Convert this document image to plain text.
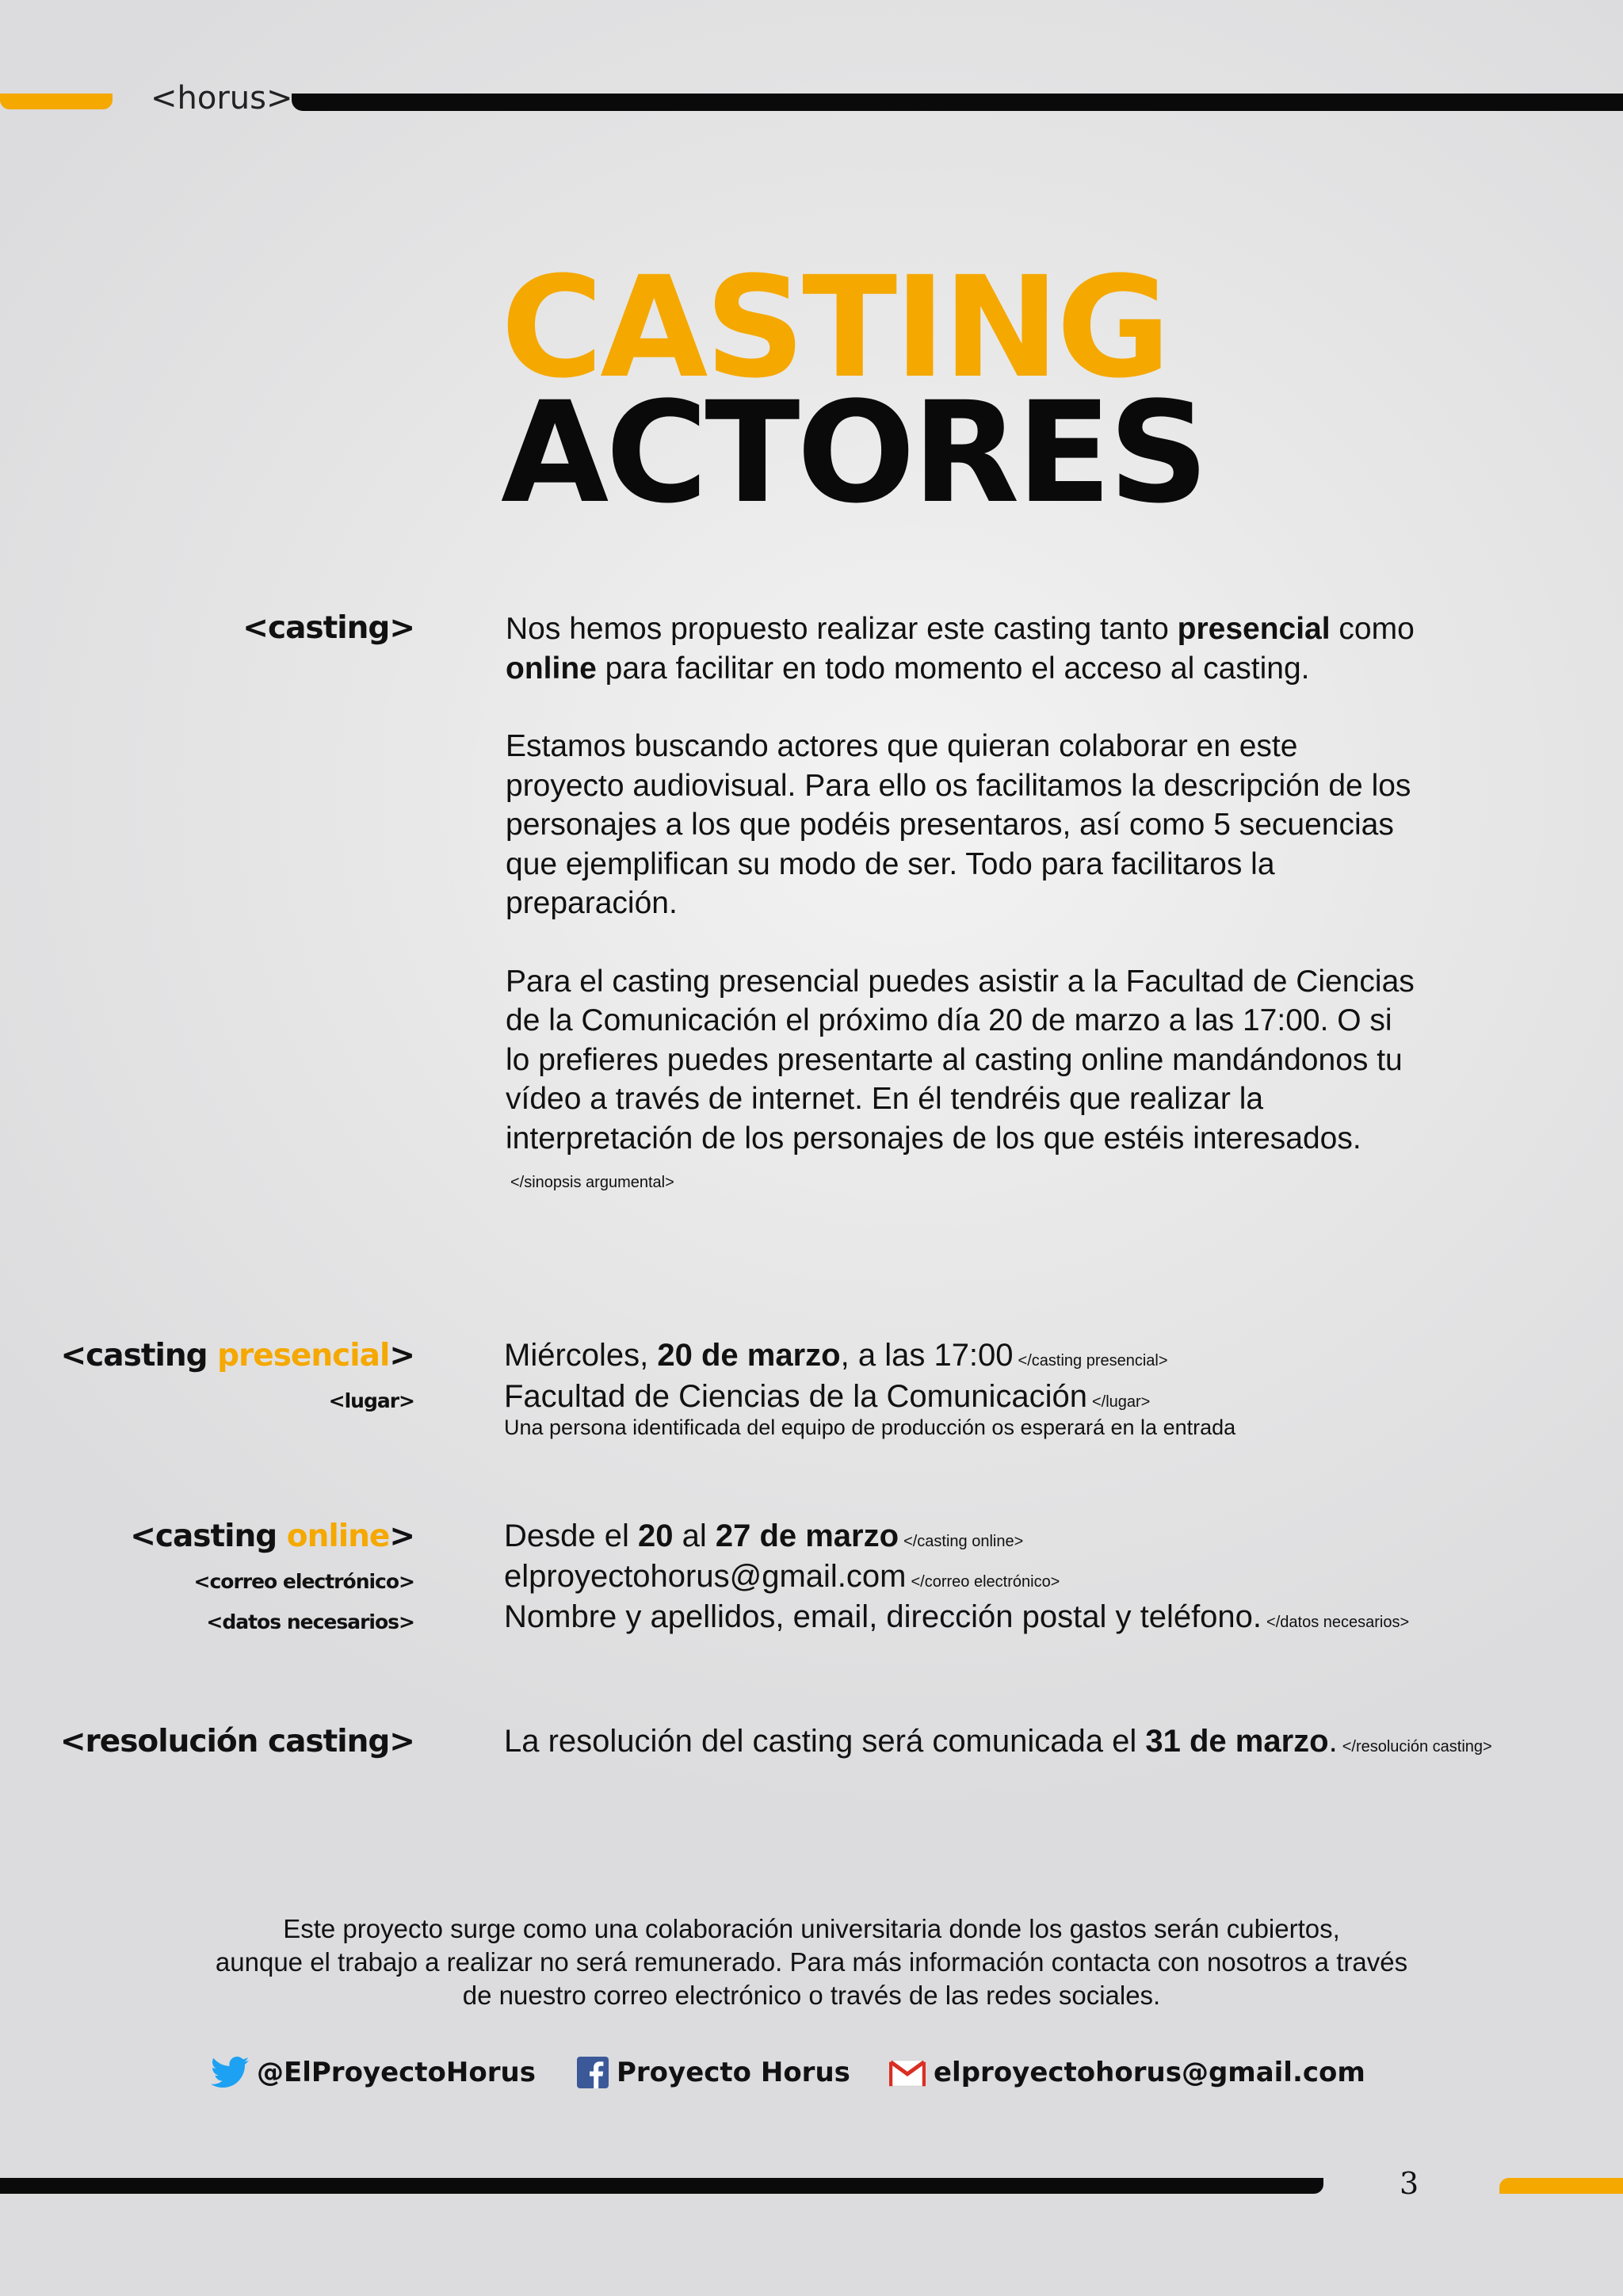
<horus>
CASTING
ACTORES
<casting>	Nos hemos propuesto realizar este casting tanto presencial como online para facilitar en todo momento el acceso al casting.

Estamos buscando actores que quieran colaborar en este proyecto audiovisual. Para ello os facilitamos la descripción de los personajes a los que podéis presentaros, así como 5 secuencias que ejemplifican su modo de ser. Todo para facilitaros la preparación.

Para el casting presencial puedes asistir a la Facultad de Ciencias de la Comunicación el próximo día 20 de marzo a las 17:00. O si lo prefieres puedes presentarte al casting online mandándonos tu vídeo a través de internet. En él tendréis que realizar la interpretación de los personajes de los que estéis interesados. </sinopsis argumental>

<casting presencial>	Miércoles, 20 de marzo, a las 17:00 </casting presencial>
<lugar>	Facultad de Ciencias de la Comunicación </lugar>
Una persona identificada del equipo de producción os esperará en la entrada
<casting online>	Desde el 20 al 27 de marzo </casting online>
<correo electrónico>	elproyectohorus@gmail.com </correo electrónico>
<datos necesarios>	Nombre y apellidos, email, dirección postal y teléfono. </datos necesarios>
<resolución casting>	La resolución del casting será comunicada el 31 de marzo. </resolución casting>
Este proyecto surge como una colaboración universitaria donde los gastos serán cubiertos,
aunque el trabajo a realizar no será remunerado. Para más información contacta con nosotros a través
de nuestro correo electrónico o través de las redes sociales.
@ElProyectoHorus	Proyecto Horus	elproyectohorus@gmail.com
3
